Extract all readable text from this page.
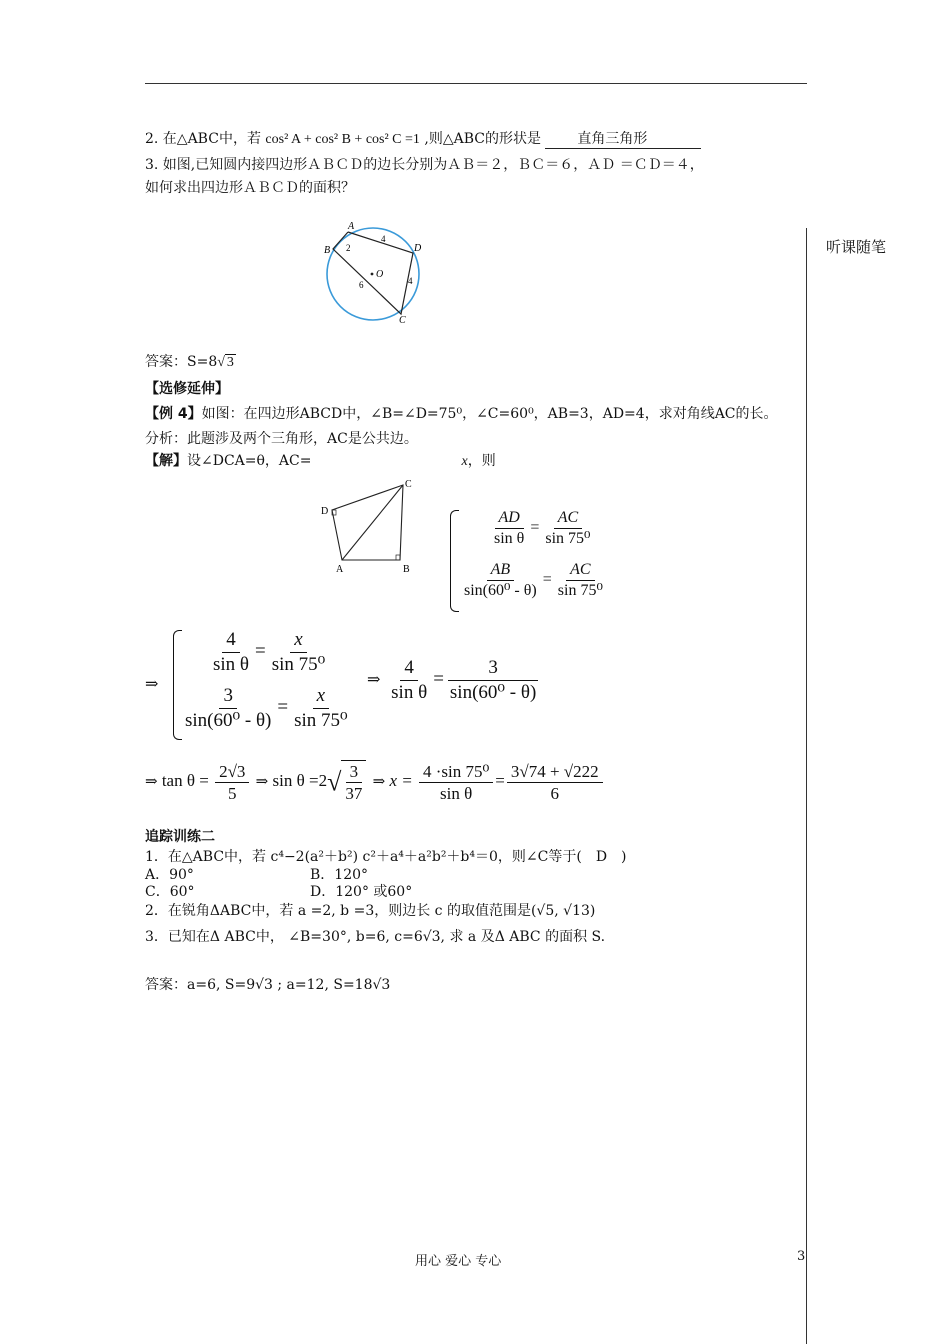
听课随笔
2. 在△ABC中，若 cos² A + cos² B + cos² C =1 ,则△ABC的形状是	直角三角形
3. 如图,已知圆内接四边形ＡＢＣＤ的边长分别为ＡＢ＝２，ＢＣ＝６，ＡＤ ＝ＣＤ＝４，
如何求出四边形ＡＢＣＤ的面积？
A
B	D
C
O
2
4
4
6
答案：S=8√ 3
【选修延伸】
【例 4】如图：在四边形ABCD中，∠B=∠D=75⁰，∠C=60⁰，AB=3，AD=4，求对角线AC的长。
分析：此题涉及两个三角形，AC是公共边。
【解】设∠DCA=θ，AC=	x，则
A	B
C
D	$\frac{AD}{\text{sin θ}} = \frac{AC}{\text{sin 75⁰}}$
$\frac{AB}{\text{sin(60⁰ - θ)}} = \frac{AC}{\text{sin 75⁰}}$
⇒
$\frac{4}{\text{sin θ}} = \frac{x}{\text{sin 75⁰}}$
$\frac{3}{\text{sin(60⁰ - θ)}} = \frac{x}{\text{sin 75⁰}}$
⇒ $\frac{4}{\text{sin θ}} = \frac{3}{\text{sin(60⁰ - θ)}}$
⇒ $\tan \theta = \frac{2√3}{5}$ ⇒ $\sin \theta =2√ \frac{3}{37}$ ⇒ $x = \frac{\text{4 ·sin 75⁰}}{\text{sin θ}} = \frac{3√74 + √222}{6}$
追踪训练二
1．在△ABC中，若 c⁴−2(a²＋b²) c²＋a⁴＋a²b²＋b⁴＝0，则∠C等于(　D　)
A．90°	B．120°
C．60°	D．120° 或60°
2．在锐角ΔABC中，若 a =2, b =3，则边长 c 的取值范围是(√5, √13)
3．已知在Δ ABC中， ∠B=30°, b=6, c=6√3, 求 a 及Δ ABC 的面积 S.
答案：a=6, S=9√3 ; a=12, S=18√3
用心 爱心 专心	3
